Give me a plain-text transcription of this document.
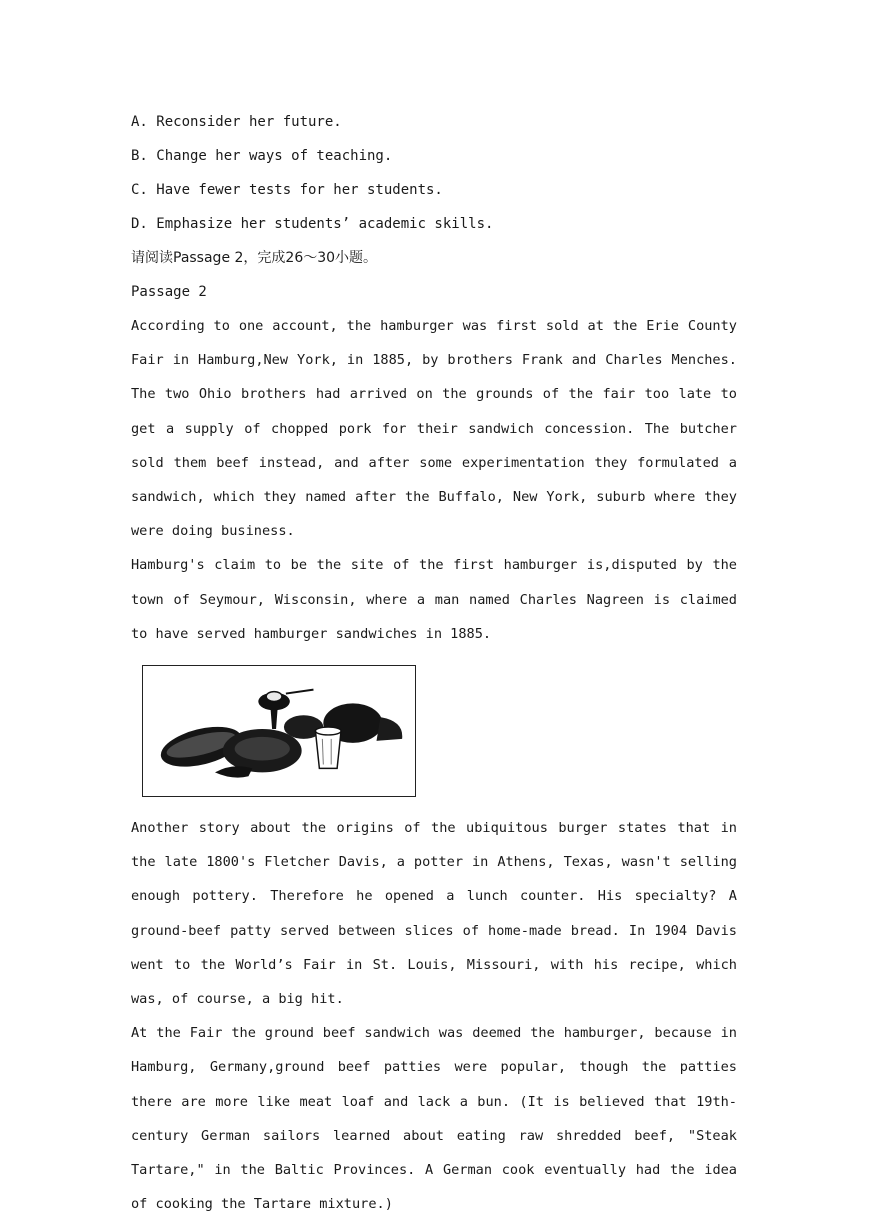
A. Reconsider her future.
B. Change her ways of teaching.
C. Have fewer tests for her students.
D. Emphasize her students’ academic skills.
请阅读Passage 2，完成26～30小题。
Passage 2

According to one account, the hamburger was first sold at the Erie County Fair in Hamburg,New York, in 1885, by brothers Frank and Charles Menches. The two Ohio brothers had arrived on the grounds of the fair too late to get a supply of chopped pork for their sandwich concession. The butcher sold them beef instead, and after some experimentation they formulated a sandwich, which they named after the Buffalo, New York, suburb where they were doing business.

Hamburg's claim to be the site of the first hamburger is,disputed by the town of Seymour, Wisconsin, where a man named Charles Nagreen is claimed to have served hamburger sandwiches in 1885.

Another story about the origins of the ubiquitous burger states that in the late 1800's Fletcher Davis, a potter in Athens, Texas, wasn't selling enough pottery. Therefore he opened a lunch counter. His specialty? A ground-beef patty served between slices of home-made bread. In 1904 Davis went to the World’s Fair in St. Louis, Missouri, with his recipe, which was, of course, a big hit.

At the Fair the ground beef sandwich was deemed the hamburger, because in Hamburg, Germany,ground beef patties were popular, though the patties there are more like meat loaf and lack a bun. (It is believed that 19th-century German sailors learned about eating raw shredded beef, "Steak Tartare," in the Baltic Provinces. A German cook eventually had the idea of cooking the Tartare mixture.)
